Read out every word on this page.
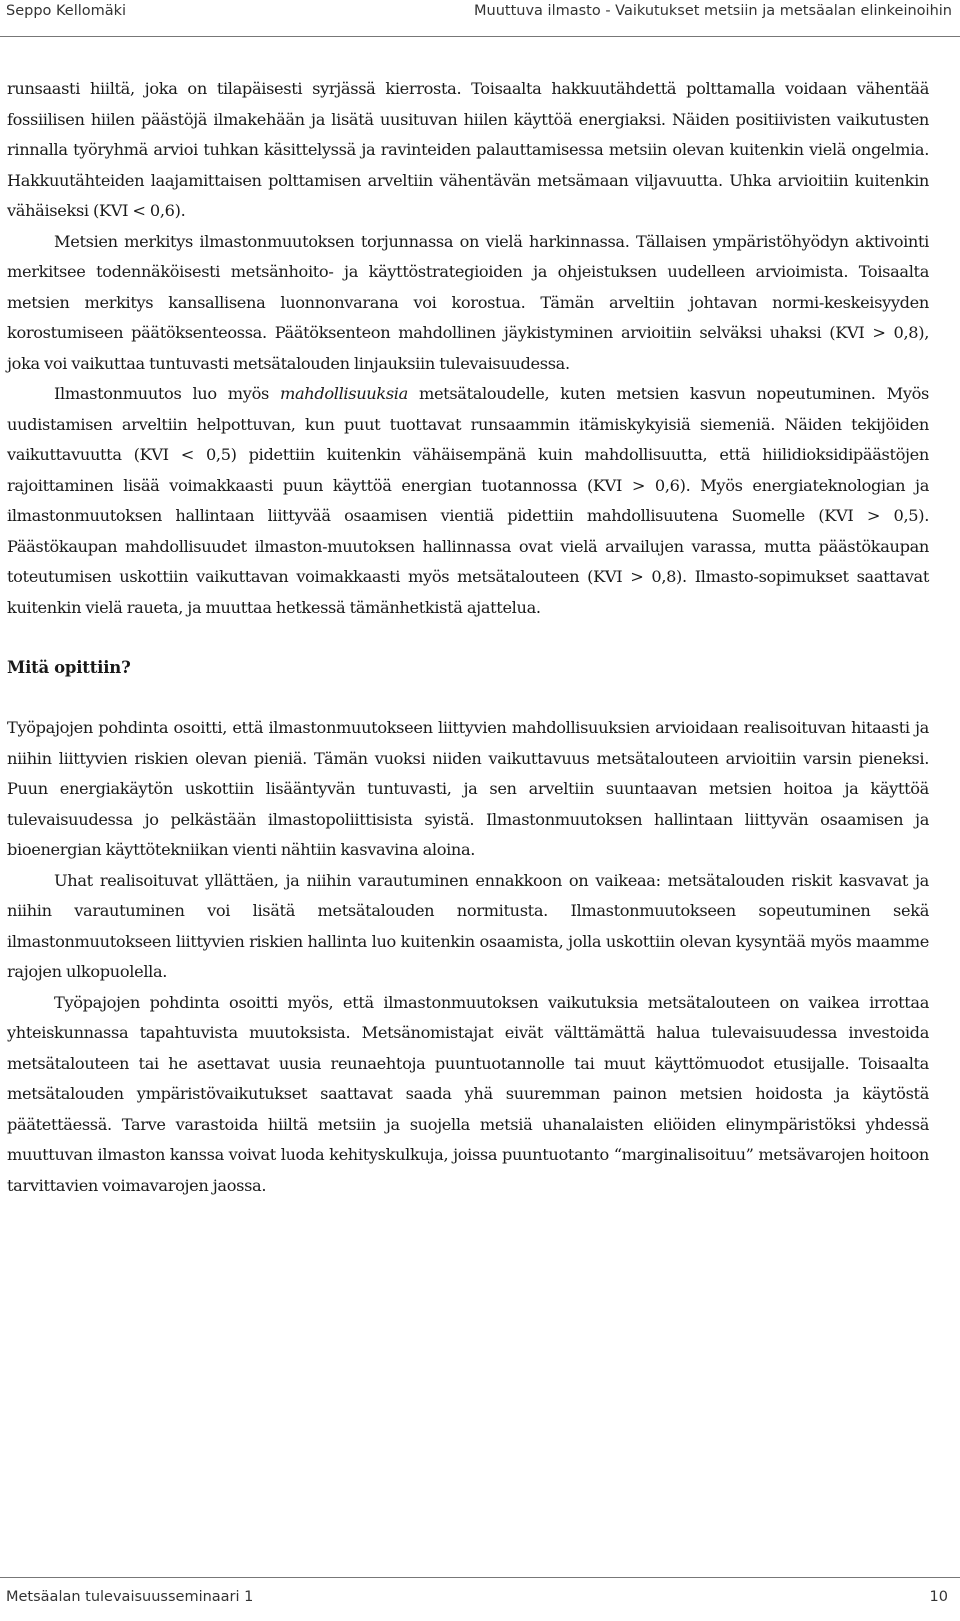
Seppo Kellomäki	Muuttuva ilmasto - Vaikutukset metsiin ja metsäalan elinkeinoihin

runsaasti hiiltä, joka on tilapäisesti syrjässä kierrosta. Toisaalta hakkuutähdettä polttamalla voidaan vähentää fossiilisen hiilen päästöjä ilmakehään ja lisätä uusituvan hiilen käyttöä energiaksi. Näiden positiivisten vaikutusten rinnalla työryhmä arvioi tuhkan käsittelyssä ja ravinteiden palauttamisessa metsiin olevan kuitenkin vielä ongelmia. Hakkuutähteiden laajamittaisen polttamisen arveltiin vähentävän metsämaan viljavuutta. Uhka arvioitiin kuitenkin vähäiseksi (KVI < 0,6).

Metsien merkitys ilmastonmuutoksen torjunnassa on vielä harkinnassa. Tällaisen ympäristöhyödyn aktivointi merkitsee todennäköisesti metsänhoito- ja käyttöstrategioiden ja ohjeistuksen uudelleen arvioimista. Toisaalta metsien merkitys kansallisena luonnonvarana voi korostua. Tämän arveltiin johtavan normi-keskeisyyden korostumiseen päätöksenteossa. Päätöksenteon mahdollinen jäykistyminen arvioitiin selväksi uhaksi (KVI > 0,8), joka voi vaikuttaa tuntuvasti metsätalouden linjauksiin tulevaisuudessa.

Ilmastonmuutos luo myös mahdollisuuksia metsätaloudelle, kuten metsien kasvun nopeutuminen. Myös uudistamisen arveltiin helpottuvan, kun puut tuottavat runsaammin itämiskykyisiä siemeniä. Näiden tekijöiden vaikuttavuutta (KVI < 0,5) pidettiin kuitenkin vähäisempänä kuin mahdollisuutta, että hiilidioksidipäästöjen rajoittaminen lisää voimakkaasti puun käyttöä energian tuotannossa (KVI > 0,6). Myös energiateknologian ja ilmastonmuutoksen hallintaan liittyvää osaamisen vientiä pidettiin mahdollisuutena Suomelle (KVI > 0,5). Päästökaupan mahdollisuudet ilmaston-muutoksen hallinnassa ovat vielä arvailujen varassa, mutta päästökaupan toteutumisen uskottiin vaikuttavan voimakkaasti myös metsätalouteen (KVI > 0,8). Ilmasto-sopimukset saattavat kuitenkin vielä raueta, ja muuttaa hetkessä tämänhetkistä ajattelua.

Mitä opittiin?

Työpajojen pohdinta osoitti, että ilmastonmuutokseen liittyvien mahdollisuuksien arvioidaan realisoituvan hitaasti ja niihin liittyvien riskien olevan pieniä. Tämän vuoksi niiden vaikuttavuus metsätalouteen arvioitiin varsin pieneksi. Puun energiakäytön uskottiin lisääntyvän tuntuvasti, ja sen arveltiin suuntaavan metsien hoitoa ja käyttöä tulevaisuudessa jo pelkästään ilmastopoliittisista syistä. Ilmastonmuutoksen hallintaan liittyvän osaamisen ja bioenergian käyttötekniikan vienti nähtiin kasvavina aloina.

Uhat realisoituvat yllättäen, ja niihin varautuminen ennakkoon on vaikeaa: metsätalouden riskit kasvavat ja niihin varautuminen voi lisätä metsätalouden normitusta. Ilmastonmuutokseen sopeutuminen sekä ilmastonmuutokseen liittyvien riskien hallinta luo kuitenkin osaamista, jolla uskottiin olevan kysyntää myös maamme rajojen ulkopuolella.

Työpajojen pohdinta osoitti myös, että ilmastonmuutoksen vaikutuksia metsätalouteen on vaikea irrottaa yhteiskunnassa tapahtuvista muutoksista. Metsänomistajat eivät välttämättä halua tulevaisuudessa investoida metsätalouteen tai he asettavat uusia reunaehtoja puuntuotannolle tai muut käyttömuodot etusijalle. Toisaalta metsätalouden ympäristövaikutukset saattavat saada yhä suuremman painon metsien hoidosta ja käytöstä päätettäessä. Tarve varastoida hiiltä metsiin ja suojella metsiä uhanalaisten eliöiden elinympäristöksi yhdessä muuttuvan ilmaston kanssa voivat luoda kehityskulkuja, joissa puuntuotanto “marginalisoituu” metsävarojen hoitoon tarvittavien voimavarojen jaossa.

Metsäalan tulevaisuusseminaari 1	10
